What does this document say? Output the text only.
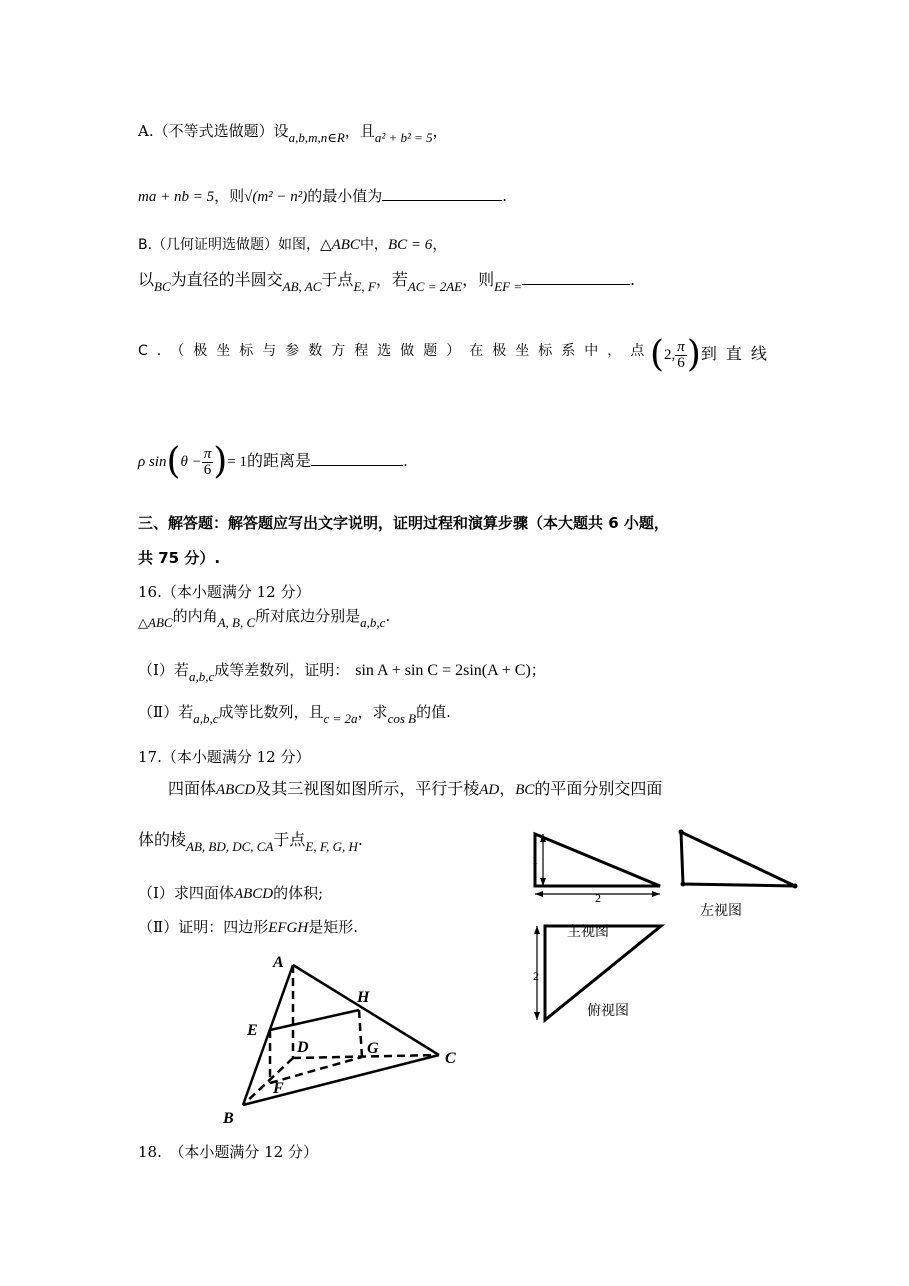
A.（不等式选做题）设a,b,m,n∈R，且a² + b² = 5，
ma + nb = 5，则√(m² − n²)的最小值为	.
B.（几何证明选做题）如图，△ABC中，BC = 6，
以$_{BC}$为直径的半圆交$_{AB, AC}$于点$_{E, F}$，若$_{AC = 2AE}$，则$_{EF =}$	.
C.（极坐标与参数方程选做题）在极坐标系中，点
(2, $\frac{\pi}{6}$ )到直线
ρ $\sin(\theta - \frac{\pi}{6}$ )= 1的距离是	.
三、解答题：解答题应写出文字说明，证明过程和演算步骤（本大题共 6 小题，
共 75 分）.
16.（本小题满分 12 分）
△ABC的内角A, B, C所对底边分别是a,b,c.
（Ⅰ）若a,b,c成等差数列，证明： sin A + sin C = 2sin(A + C)；
（Ⅱ）若a,b,c成等比数列，且c = 2a，求cos B的值.
17.（本小题满分 12 分）
四面体ABCD及其三视图如图所示，平行于棱AD，BC的平面分别交四面
体的棱$_{AB, BD, DC, CA}$于点$_{E, F, G, H}$.
（Ⅰ）求四面体ABCD的体积;
（Ⅱ）证明：四边形EFGH是矩形.
A
B
C
D
E
F
G
H
1
2
主视图
左视图
2
俯视图
18.　（本小题满分 12 分）
